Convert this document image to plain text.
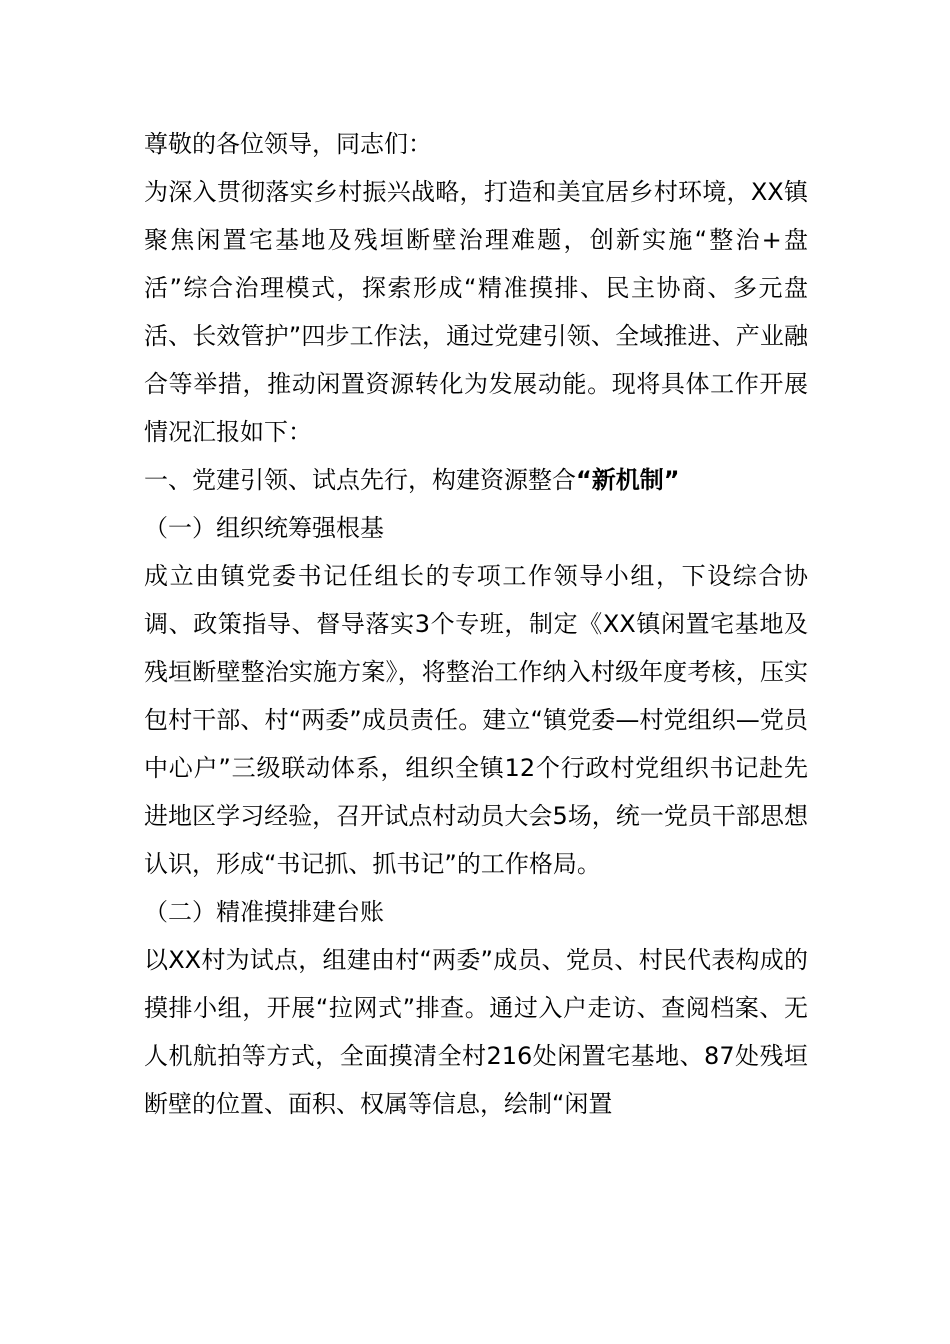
尊敬的各位领导，同志们：

为深入贯彻落实乡村振兴战略，打造和美宜居乡村环境，XX镇聚焦闲置宅基地及残垣断壁治理难题，创新实施“整治+盘活”综合治理模式，探索形成“精准摸排、民主协商、多元盘活、长效管护”四步工作法，通过党建引领、全域推进、产业融合等举措，推动闲置资源转化为发展动能。现将具体工作开展情况汇报如下：

一、党建引领、试点先行，构建资源整合“新机制”

（一）组织统筹强根基

成立由镇党委书记任组长的专项工作领导小组，下设综合协调、政策指导、督导落实3个专班，制定《XX镇闲置宅基地及残垣断壁整治实施方案》，将整治工作纳入村级年度考核，压实包村干部、村“两委”成员责任。建立“镇党委—村党组织—党员中心户”三级联动体系，组织全镇12个行政村党组织书记赴先进地区学习经验，召开试点村动员大会5场，统一党员干部思想认识，形成“书记抓、抓书记”的工作格局。

（二）精准摸排建台账

以XX村为试点，组建由村“两委”成员、党员、村民代表构成的摸排小组，开展“拉网式”排查。通过入户走访、查阅档案、无人机航拍等方式，全面摸清全村216处闲置宅基地、87处残垣断壁的位置、面积、权属等信息，绘制“闲置
